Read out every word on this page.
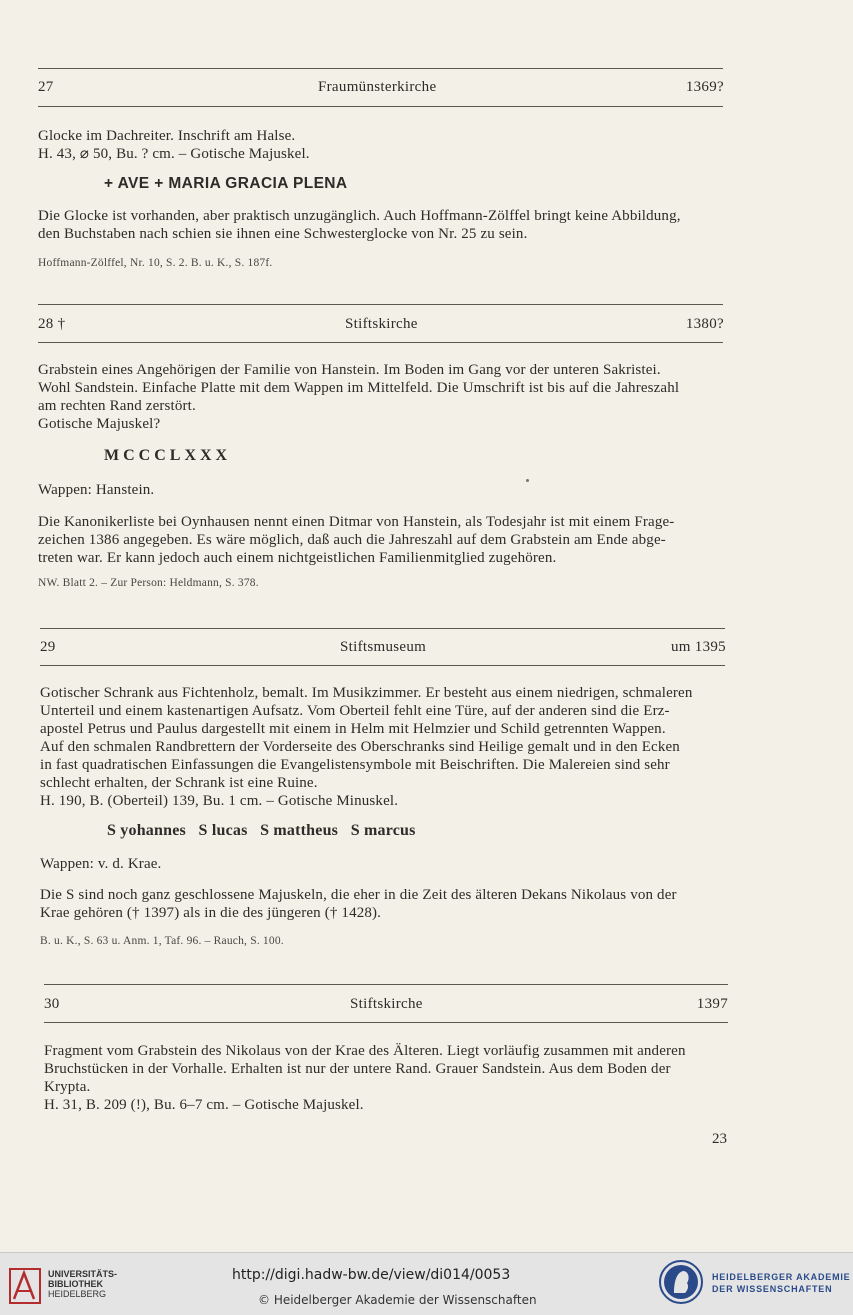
27	Fraumünsterkirche	1369?

Glocke im Dachreiter. Inschrift am Halse.

H. 43, ⌀ 50, Bu. ? cm. – Gotische Majuskel.

+ AVE + MARIA GRACIA PLENA

Die Glocke ist vorhanden, aber praktisch unzugänglich. Auch Hoffmann-Zölffel bringt keine Abbildung,

den Buchstaben nach schien sie ihnen eine Schwesterglocke von Nr. 25 zu sein.

Hoffmann-Zölffel, Nr. 10, S. 2. B. u. K., S. 187f.
28 †	Stiftskirche	1380?

Grabstein eines Angehörigen der Familie von Hanstein. Im Boden im Gang vor der unteren Sakristei.

Wohl Sandstein. Einfache Platte mit dem Wappen im Mittelfeld. Die Umschrift ist bis auf die Jahreszahl

am rechten Rand zerstört.

Gotische Majuskel?

MCCCLXXX
Wappen: Hanstein.

Die Kanonikerliste bei Oynhausen nennt einen Ditmar von Hanstein, als Todesjahr ist mit einem Frage-

zeichen 1386 angegeben. Es wäre möglich, daß auch die Jahreszahl auf dem Grabstein am Ende abge-

treten war. Er kann jedoch auch einem nichtgeistlichen Familienmitglied zugehören.

NW. Blatt 2. – Zur Person: Heldmann, S. 378.
29	Stiftsmuseum	um 1395

Gotischer Schrank aus Fichtenholz, bemalt. Im Musikzimmer. Er besteht aus einem niedrigen, schmaleren

Unterteil und einem kastenartigen Aufsatz. Vom Oberteil fehlt eine Türe, auf der anderen sind die Erz-

apostel Petrus und Paulus dargestellt mit einem in Helm mit Helmzier und Schild getrennten Wappen.

Auf den schmalen Randbrettern der Vorderseite des Oberschranks sind Heilige gemalt und in den Ecken

in fast quadratischen Einfassungen die Evangelistensymbole mit Beischriften. Die Malereien sind sehr

schlecht erhalten, der Schrank ist eine Ruine.

H. 190, B. (Oberteil) 139, Bu. 1 cm. – Gotische Minuskel.

S yohannes   S lucas   S mattheus   S marcus
Wappen: v. d. Krae.

Die S sind noch ganz geschlossene Majuskeln, die eher in die Zeit des älteren Dekans Nikolaus von der

Krae gehören († 1397) als in die des jüngeren († 1428).

B. u. K., S. 63 u. Anm. 1, Taf. 96. – Rauch, S. 100.
30	Stiftskirche	1397

Fragment vom Grabstein des Nikolaus von der Krae des Älteren. Liegt vorläufig zusammen mit anderen

Bruchstücken in der Vorhalle. Erhalten ist nur der untere Rand. Grauer Sandstein. Aus dem Boden der

Krypta.

H. 31, B. 209 (!), Bu. 6–7 cm. – Gotische Majuskel.

23
UNIVERSITÄTS-
BIBLIOTHEK
HEIDELBERG
http://digi.hadw-bw.de/view/di014/0053
© Heidelberger Akademie der Wissenschaften
HEIDELBERGER AKADEMIE
DER WISSENSCHAFTEN
